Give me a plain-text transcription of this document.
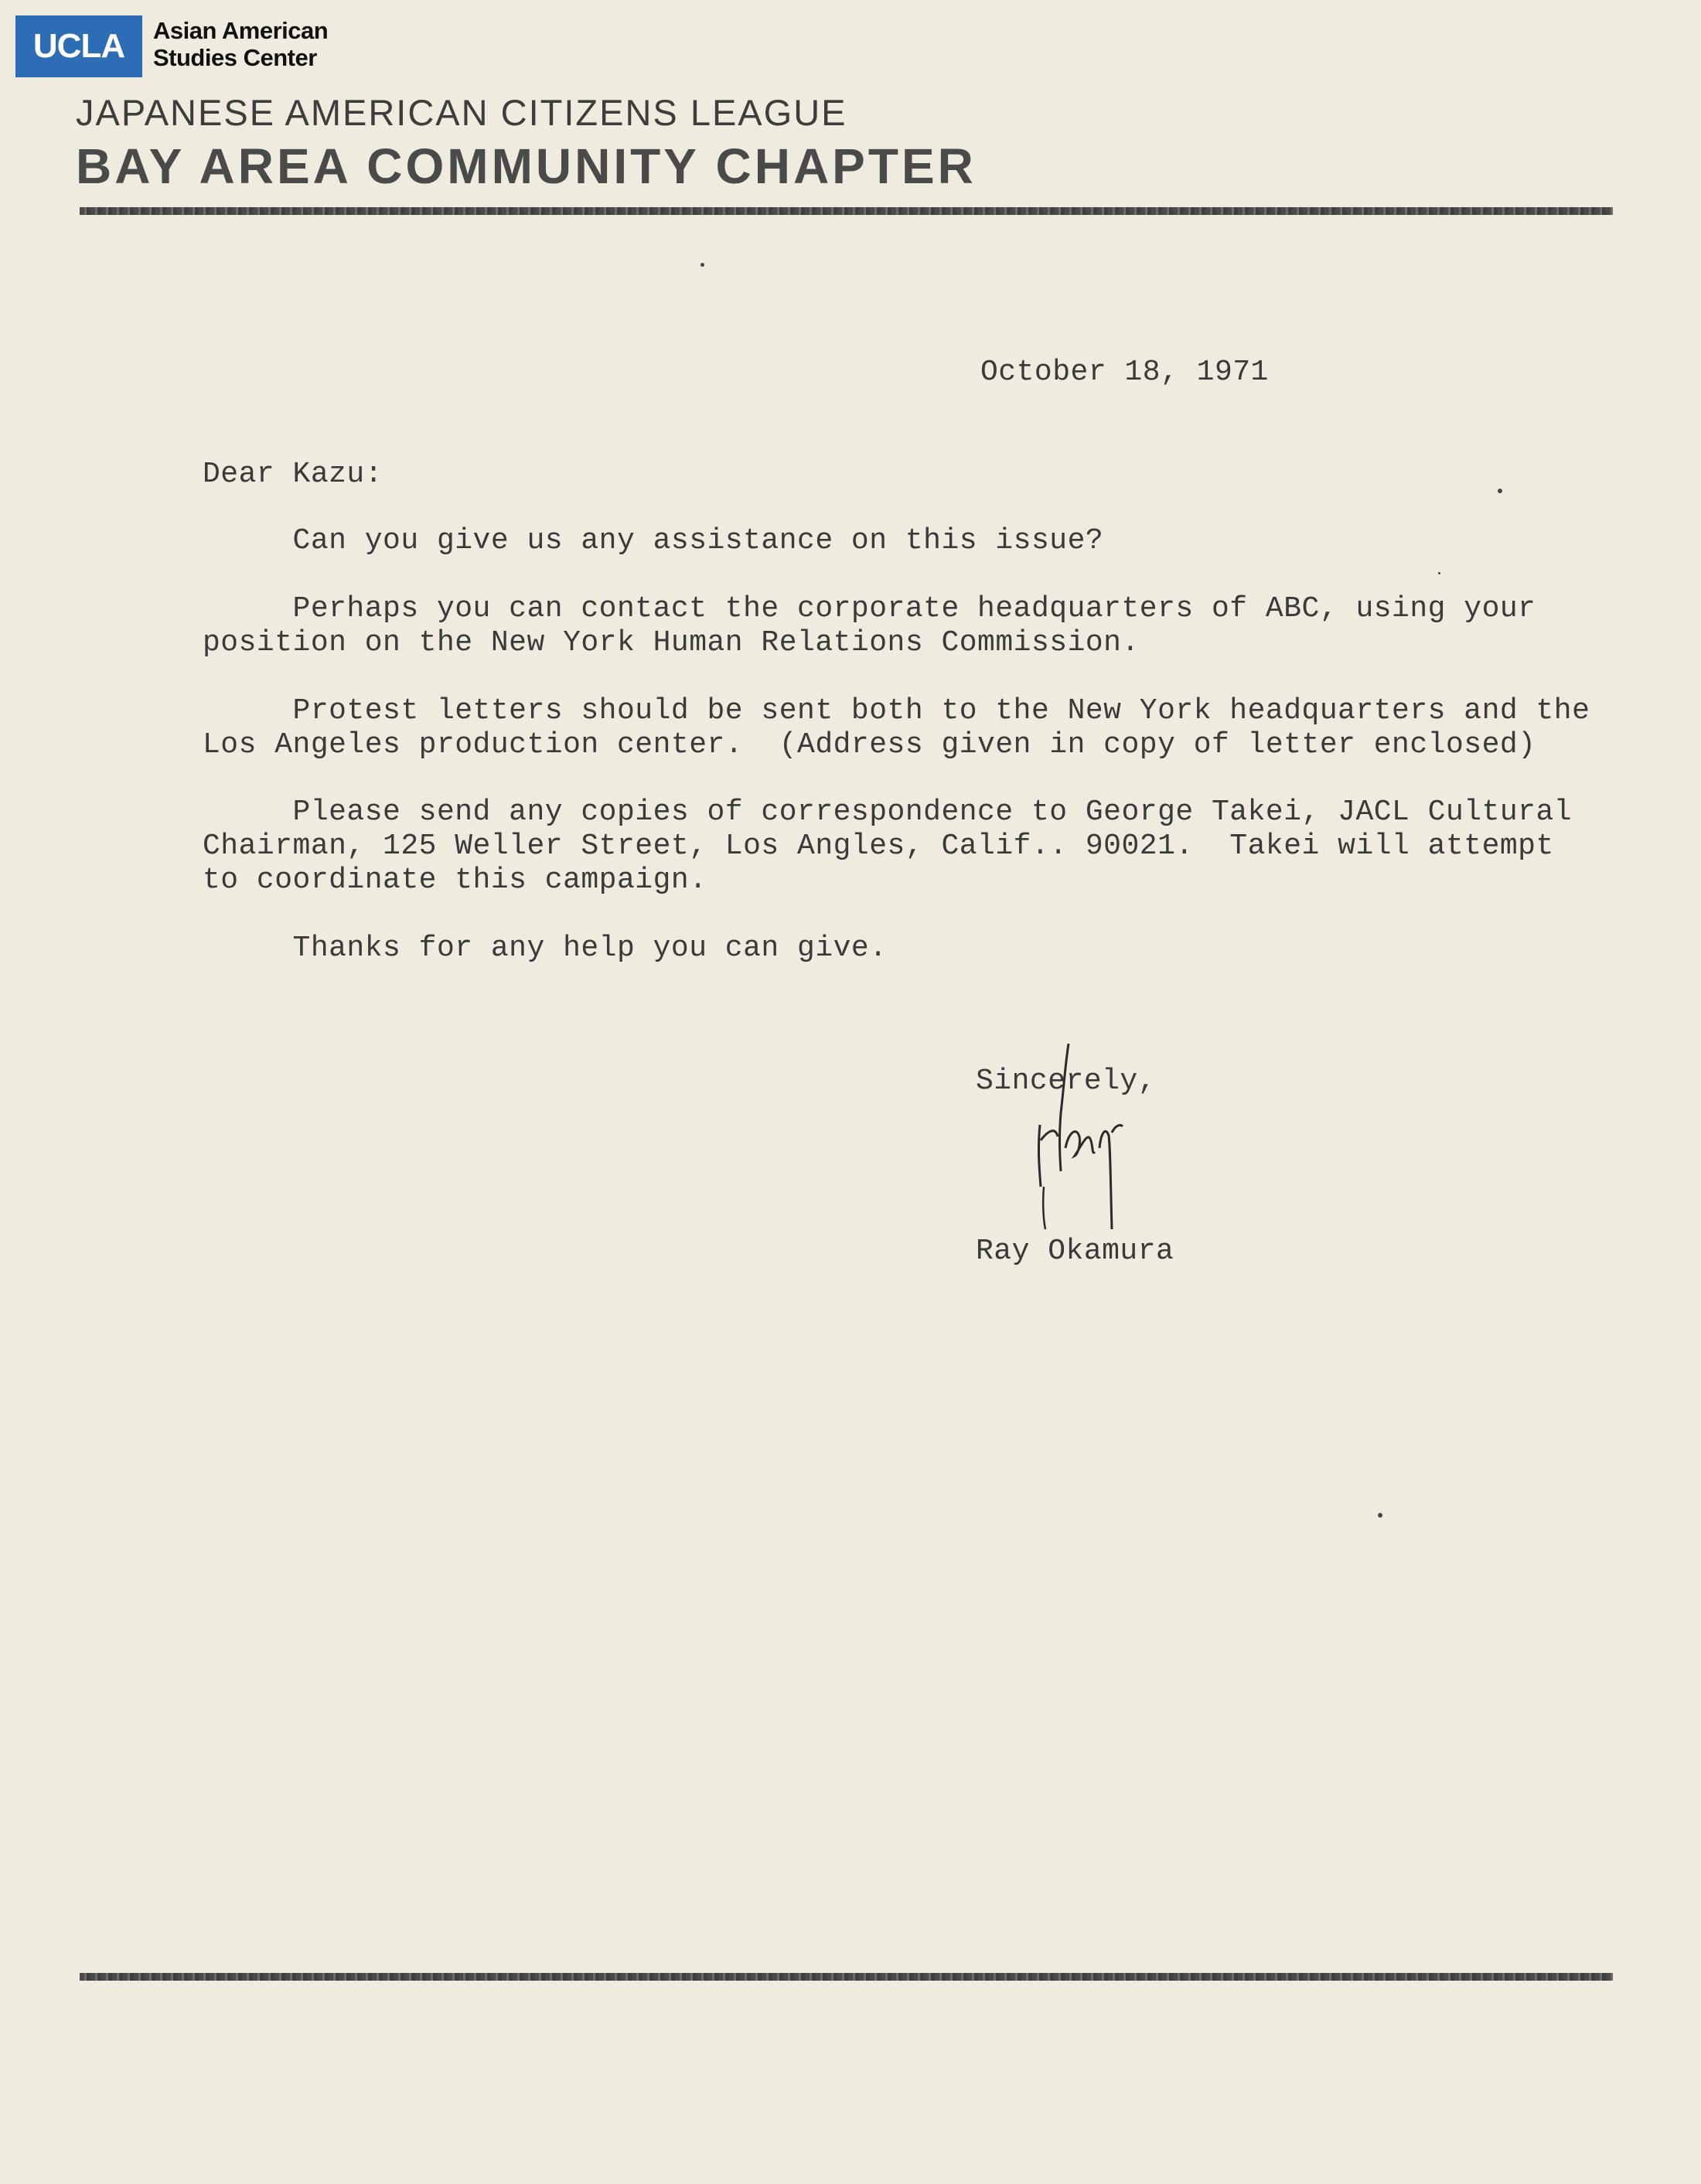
UCLA	Asian American
Studies Center
JAPANESE AMERICAN CITIZENS LEAGUE
BAY AREA COMMUNITY CHAPTER
October 18, 1971
Dear Kazu:
Can you give us any assistance on this issue?
Perhaps you can contact the corporate headquarters of ABC, using your
position on the New York Human Relations Commission.
Protest letters should be sent both to the New York headquarters and the
Los Angeles production center.  (Address given in copy of letter enclosed)
Please send any copies of correspondence to George Takei, JACL Cultural
Chairman, 125 Weller Street, Los Angles, Calif.. 90021.  Takei will attempt
to coordinate this campaign.
Thanks for any help you can give.
Sincerely,
Ray Okamura
